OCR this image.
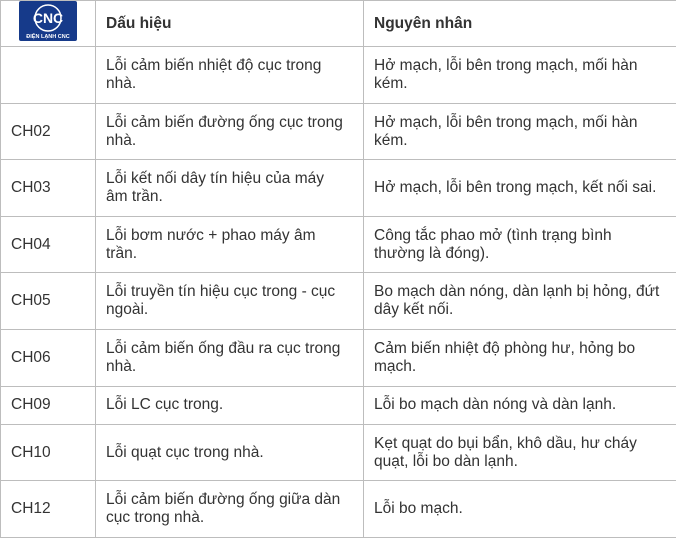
CNC
ĐIỆN LẠNH CNC	Dấu hiệu	Nguyên nhân
	Lỗi cảm biến nhiệt độ cục trong nhà.	Hở mạch, lỗi bên trong mạch, mối hàn kém.
CH02	Lỗi cảm biến đường ống cục trong nhà.	Hở mạch, lỗi bên trong mạch, mối hàn kém.
CH03	Lỗi kết nối dây tín hiệu của máy âm trần.	Hở mạch, lỗi bên trong mạch, kết nối sai.
CH04	Lỗi bơm nước + phao máy âm trần.	Công tắc phao mở (tình trạng bình thường là đóng).
CH05	Lỗi truyền tín hiệu cục trong - cục ngoài.	Bo mạch dàn nóng, dàn lạnh bị hỏng, đứt dây kết nối.
CH06	Lỗi cảm biến ống đầu ra cục trong nhà.	Cảm biến nhiệt độ phòng hư, hỏng bo mạch.
CH09	Lỗi LC cục trong.	Lỗi bo mạch dàn nóng và dàn lạnh.
CH10	Lỗi quạt cục trong nhà.	Kẹt quạt do bụi bẩn, khô dầu, hư cháy quạt, lỗi bo dàn lạnh.
CH12	Lỗi cảm biến đường ống giữa dàn cục trong nhà.	Lỗi bo mạch.
